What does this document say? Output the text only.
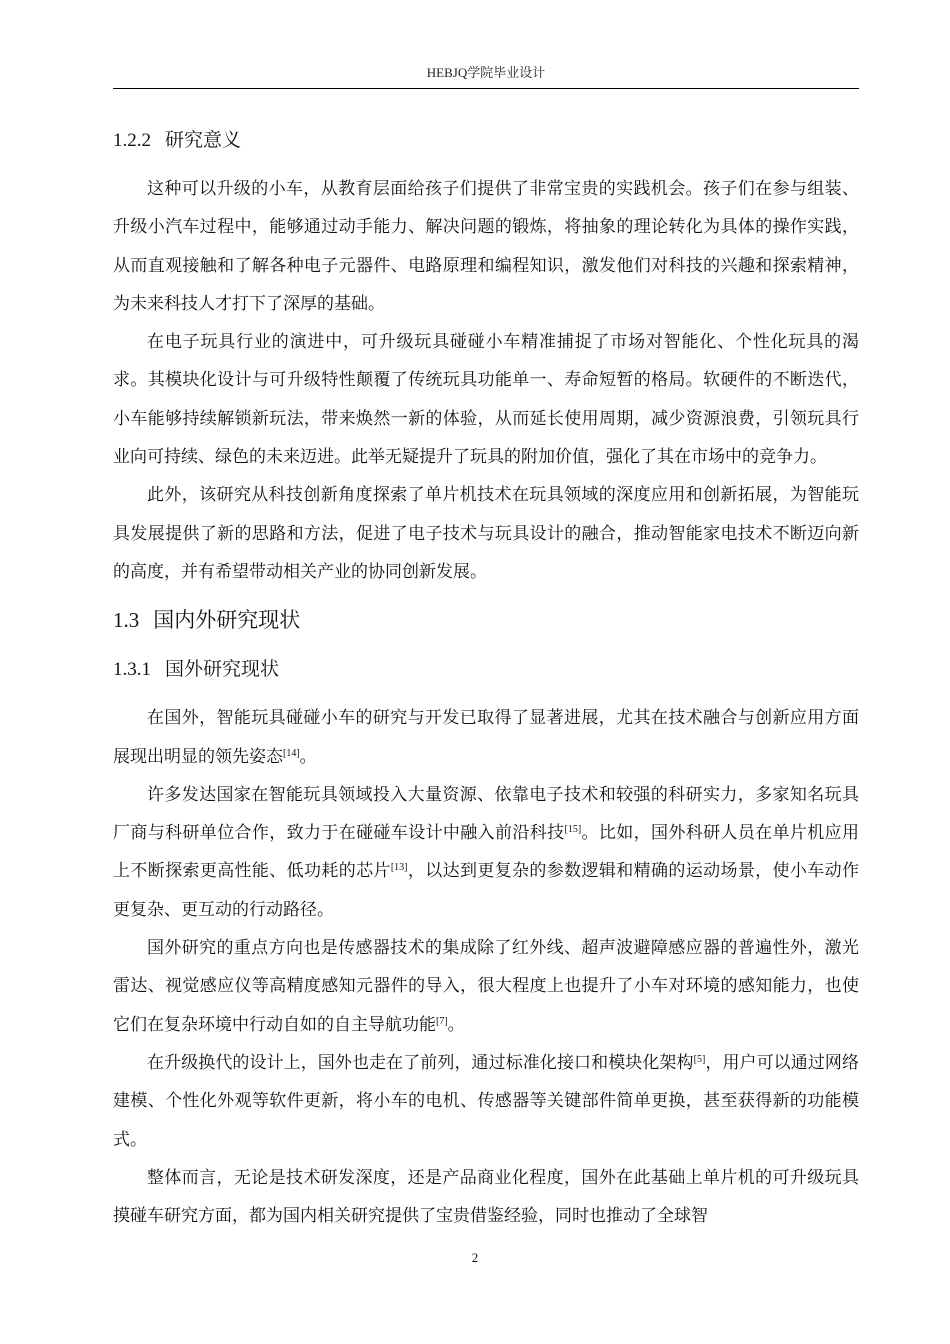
HEBJQ学院毕业设计
1.2.2 研究意义

这种可以升级的小车，从教育层面给孩子们提供了非常宝贵的实践机会。孩子们在参与组装、升级小汽车过程中，能够通过动手能力、解决问题的锻炼，将抽象的理论转化为具体的操作实践，从而直观接触和了解各种电子元器件、电路原理和编程知识，激发他们对科技的兴趣和探索精神，为未来科技人才打下了深厚的基础。

在电子玩具行业的演进中，可升级玩具碰碰小车精准捕捉了市场对智能化、个性化玩具的渴求。其模块化设计与可升级特性颠覆了传统玩具功能单一、寿命短暂的格局。软硬件的不断迭代，小车能够持续解锁新玩法，带来焕然一新的体验，从而延长使用周期，减少资源浪费，引领玩具行业向可持续、绿色的未来迈进。此举无疑提升了玩具的附加价值，强化了其在市场中的竞争力。

此外，该研究从科技创新角度探索了单片机技术在玩具领域的深度应用和创新拓展，为智能玩具发展提供了新的思路和方法，促进了电子技术与玩具设计的融合，推动智能家电技术不断迈向新的高度，并有希望带动相关产业的协同创新发展。

1.3 国内外研究现状
1.3.1 国外研究现状

在国外，智能玩具碰碰小车的研究与开发已取得了显著进展，尤其在技术融合与创新应用方面展现出明显的领先姿态[14]。

许多发达国家在智能玩具领域投入大量资源、依靠电子技术和较强的科研实力，多家知名玩具厂商与科研单位合作，致力于在碰碰车设计中融入前沿科技[15]。比如，国外科研人员在单片机应用上不断探索更高性能、低功耗的芯片[13]，以达到更复杂的参数逻辑和精确的运动场景，使小车动作更复杂、更互动的行动路径。

国外研究的重点方向也是传感器技术的集成除了红外线、超声波避障感应器的普遍性外，激光雷达、视觉感应仪等高精度感知元器件的导入，很大程度上也提升了小车对环境的感知能力，也使它们在复杂环境中行动自如的自主导航功能[7]。

在升级换代的设计上，国外也走在了前列，通过标准化接口和模块化架构[5]，用户可以通过网络建模、个性化外观等软件更新，将小车的电机、传感器等关键部件简单更换，甚至获得新的功能模式。

整体而言，无论是技术研发深度，还是产品商业化程度，国外在此基础上单片机的可升级玩具摸碰车研究方面，都为国内相关研究提供了宝贵借鉴经验，同时也推动了全球智

2
